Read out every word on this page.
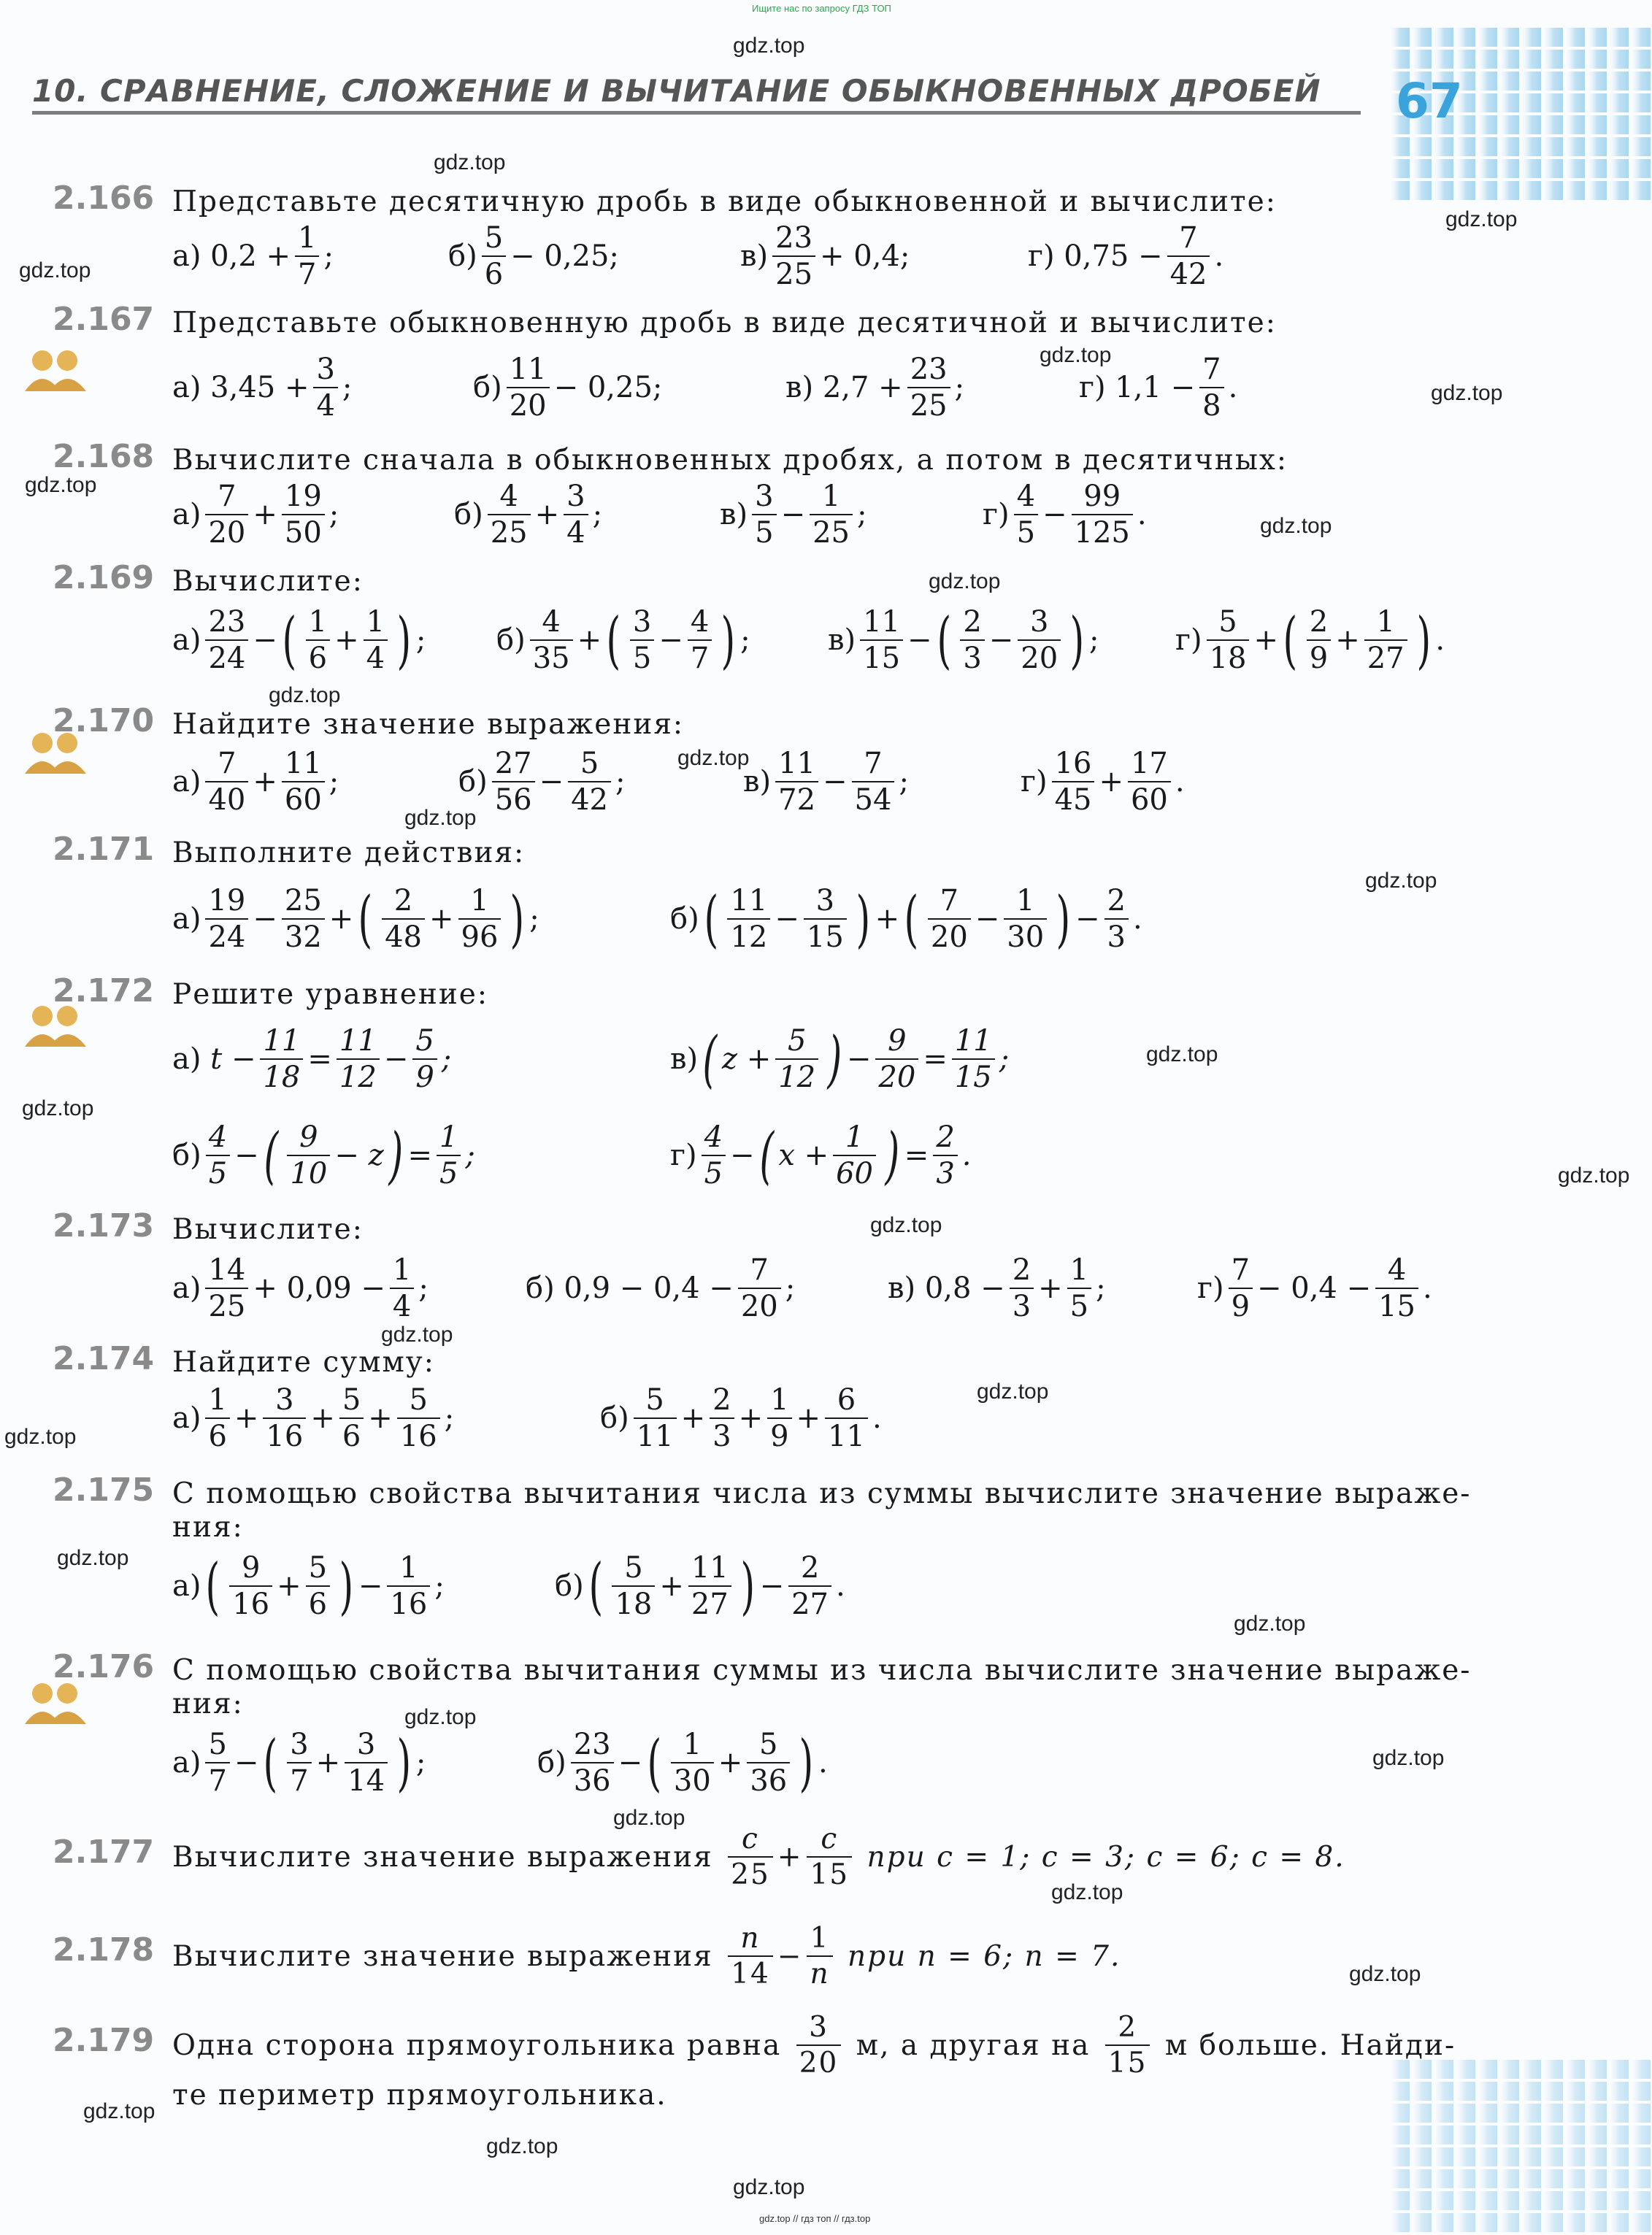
Ищите нас по запросу ГДЗ ТОП
gdz.top // гдз топ // гдз.top
10. СРАВНЕНИЕ, СЛОЖЕНИЕ И ВЫЧИТАНИЕ ОБЫКНОВЕННЫХ ДРОБЕЙ 67
gdz.top
gdz.top
gdz.top
gdz.top
gdz.top
gdz.top
gdz.top
gdz.top
gdz.top
gdz.top
gdz.top
gdz.top
gdz.top
gdz.top
gdz.top
gdz.top
gdz.top
gdz.top
gdz.top
gdz.top
gdz.top
gdz.top
gdz.top
gdz.top
gdz.top
gdz.top
gdz.top
gdz.top
gdz.top
gdz.top
2.166 Представьте десятичную дробь в виде обыкновенной и вычислите:
а)
$0,2 + \frac{1}{7}$ ;	$б) \frac{5}{6} - 0,25$;	$в) \frac{23}{25} + 0,4$;	г)
$0,75 - \frac{7}{42}$ .
2.167 Представьте обыкновенную дробь в виде десятичной и вычислите:
а)
$3,45 + \frac{3}{4}$ ;	$б) \frac{11}{20} - 0,25$;	в)
$2,7 + \frac{23}{25}$ ;	г)
$1,1 - \frac{7}{8}$ .
2.168 Вычислите сначала в обыкновенных дробях, а потом в десятичных:
$а) \frac{7}{20} + \frac{19}{50}$ ;	$б) \frac{4}{25} + \frac{3}{4}$ ;	$в) \frac{3}{5} - \frac{1}{25}$ ;	$г) \frac{4}{5} - \frac{99}{125}$ .
2.169 Вычислите:
$а) \frac{23}{24}$ − ( $\frac{1}{6} + \frac{1}{4}$ ) ; $б) \frac{4}{35}$ + ( $\frac{3}{5} - \frac{4}{7}$ ) ;	$в) \frac{11}{15}$ − ( $\frac{2}{3} - \frac{3}{20}$ ) ;	$г) \frac{5}{18}$ + ( $\frac{2}{9} + \frac{1}{27}$ ) .
2.170 Найдите значение выражения:
$а) \frac{7}{40} + \frac{11}{60}$ ;	$б) \frac{27}{56} - \frac{5}{42}$ ;	$в) \frac{11}{72} - \frac{7}{54}$ ;	$г) \frac{16}{45} + \frac{17}{60}$ .
2.171 Выполните действия:
$а) \frac{19}{24} - \frac{25}{32}$ + ( $\frac{2}{48} + \frac{1}{96}$ ) ;	б) ( $\frac{11}{12} - \frac{3}{15}$ ) + ( $\frac{7}{20} - \frac{1}{30}$ ) − $\frac{2}{3}$ .
2.172 Решите уравнение:
а)
$t - \frac{11}{18} = \frac{11}{12} - \frac{5}{9}$ ;	в) ( $z + \frac{5}{12}$ ) − $\frac{9}{20} = \frac{11}{15}$ ;
$б) \frac{4}{5}$ − ( $\frac{9}{10} - z$ ) = $\frac{1}{5}$ ;	$г) \frac{4}{5}$ − ( $x + \frac{1}{60}$ ) = $\frac{2}{3}$ .
2.173 Вычислите:
$а) \frac{14}{25} + 0,09 - \frac{1}{4}$ ;	б)
$0,9 - 0,4 - \frac{7}{20}$ ;	в)
$0,8 - \frac{2}{3} + \frac{1}{5}$ ;	$г) \frac{7}{9} - 0,4 - \frac{4}{15}$ .
2.174 Найдите сумму:
$а) \frac{1}{6} + \frac{3}{16} + \frac{5}{6} + \frac{5}{16}$ ;	$б) \frac{5}{11} + \frac{2}{3} + \frac{1}{9} + \frac{6}{11}$ .
2.175 С помощью свойства вычитания числа из суммы вычислите значение выраже-
ния:
а) ( $\frac{9}{16} + \frac{5}{6}$ ) − $\frac{1}{16}$ ;	б) ( $\frac{5}{18} + \frac{11}{27}$ ) − $\frac{2}{27}$ .
2.176 С помощью свойства вычитания суммы из числа вычислите значение выраже-
ния:
$а) \frac{5}{7}$ − ( $\frac{3}{7} + \frac{3}{14}$ ) ;	$б) \frac{23}{36}$ − ( $\frac{1}{30} + \frac{5}{36}$ ) .
2.177 Вычислите значение выражения
$\frac{c}{25} + \frac{c}{15}$
при c = 1; c = 3; c = 6; c = 8.
2.178 Вычислите значение выражения
$\frac{n}{14} - \frac{1}{n}$
при n = 6; n = 7.
2.179 Одна сторона прямоугольника равна
$\frac{3}{20}$
м, а другая на
$\frac{2}{15}$
м больше. Найди-
те периметр прямоугольника.
